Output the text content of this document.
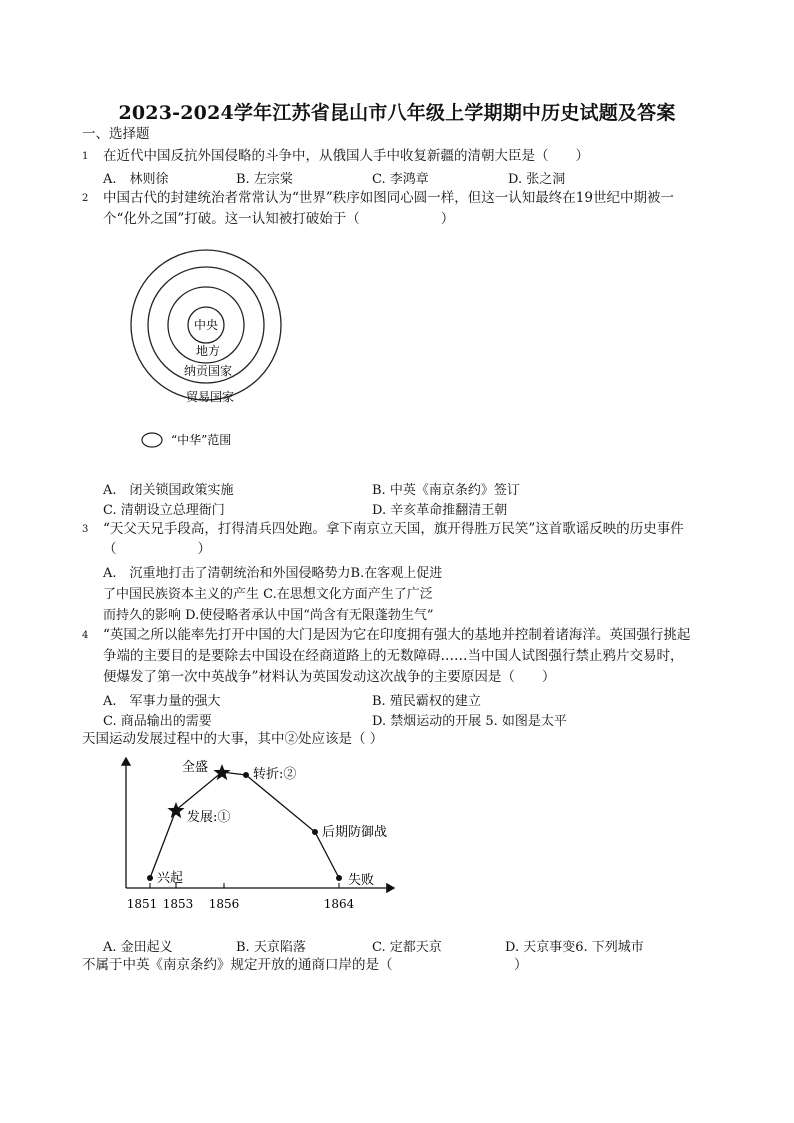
2023-2024学年江苏省昆山市八年级上学期期中历史试题及答案
一、选择题
1 在近代中国反抗外国侵略的斗争中，从俄国人手中收复新疆的清朝大臣是（　　）
A.　林则徐	B. 左宗棠	C. 李鸿章	D. 张之洞
2 中国古代的封建统治者常常认为“世界”秩序如图同心圆一样，但这一认知最终在19世纪中期被一
个“化外之国”打破。这一认知被打破始于（　　　　　　）
中央
地方
纳贡国家
贸易国家
“中华”范围
A.　闭关锁国政策实施	B. 中英《南京条约》签订
C. 清朝设立总理衙门	D. 辛亥革命推翻清王朝
3 “天父天兄手段高，打得清兵四处跑。拿下南京立天国，旗开得胜万民笑”这首歌谣反映的历史事件
（　　　　　　）
A.　沉重地打击了清朝统治和外国侵略势力B.在客观上促进
了中国民族资本主义的产生 C.在思想文化方面产生了广泛
而持久的影响 D.使侵略者承认中国“尚含有无限蓬勃生气”
4 “英国之所以能率先打开中国的大门是因为它在印度拥有强大的基地并控制着诸海洋。英国强行挑起
争端的主要目的是要除去中国设在经商道路上的无数障碍……当中国人试图强行禁止鸦片交易时，
便爆发了第一次中英战争”材料认为英国发动这次战争的主要原因是（　　）
A.　军事力量的强大	B. 殖民霸权的建立
C. 商品输出的需要	D. 禁烟运动的开展 5. 如图是太平
天国运动发展过程中的大事，其中②处应该是（ ）
全盛	转折:②
发展:①
后期防御战
兴起	失败
1851 1853 1856	1864
A. 金田起义	B. 天京陷落	C. 定都天京	D. 天京事变6. 下列城市
不属于中英《南京条约》规定开放的通商口岸的是（　　　　　　　　　）
